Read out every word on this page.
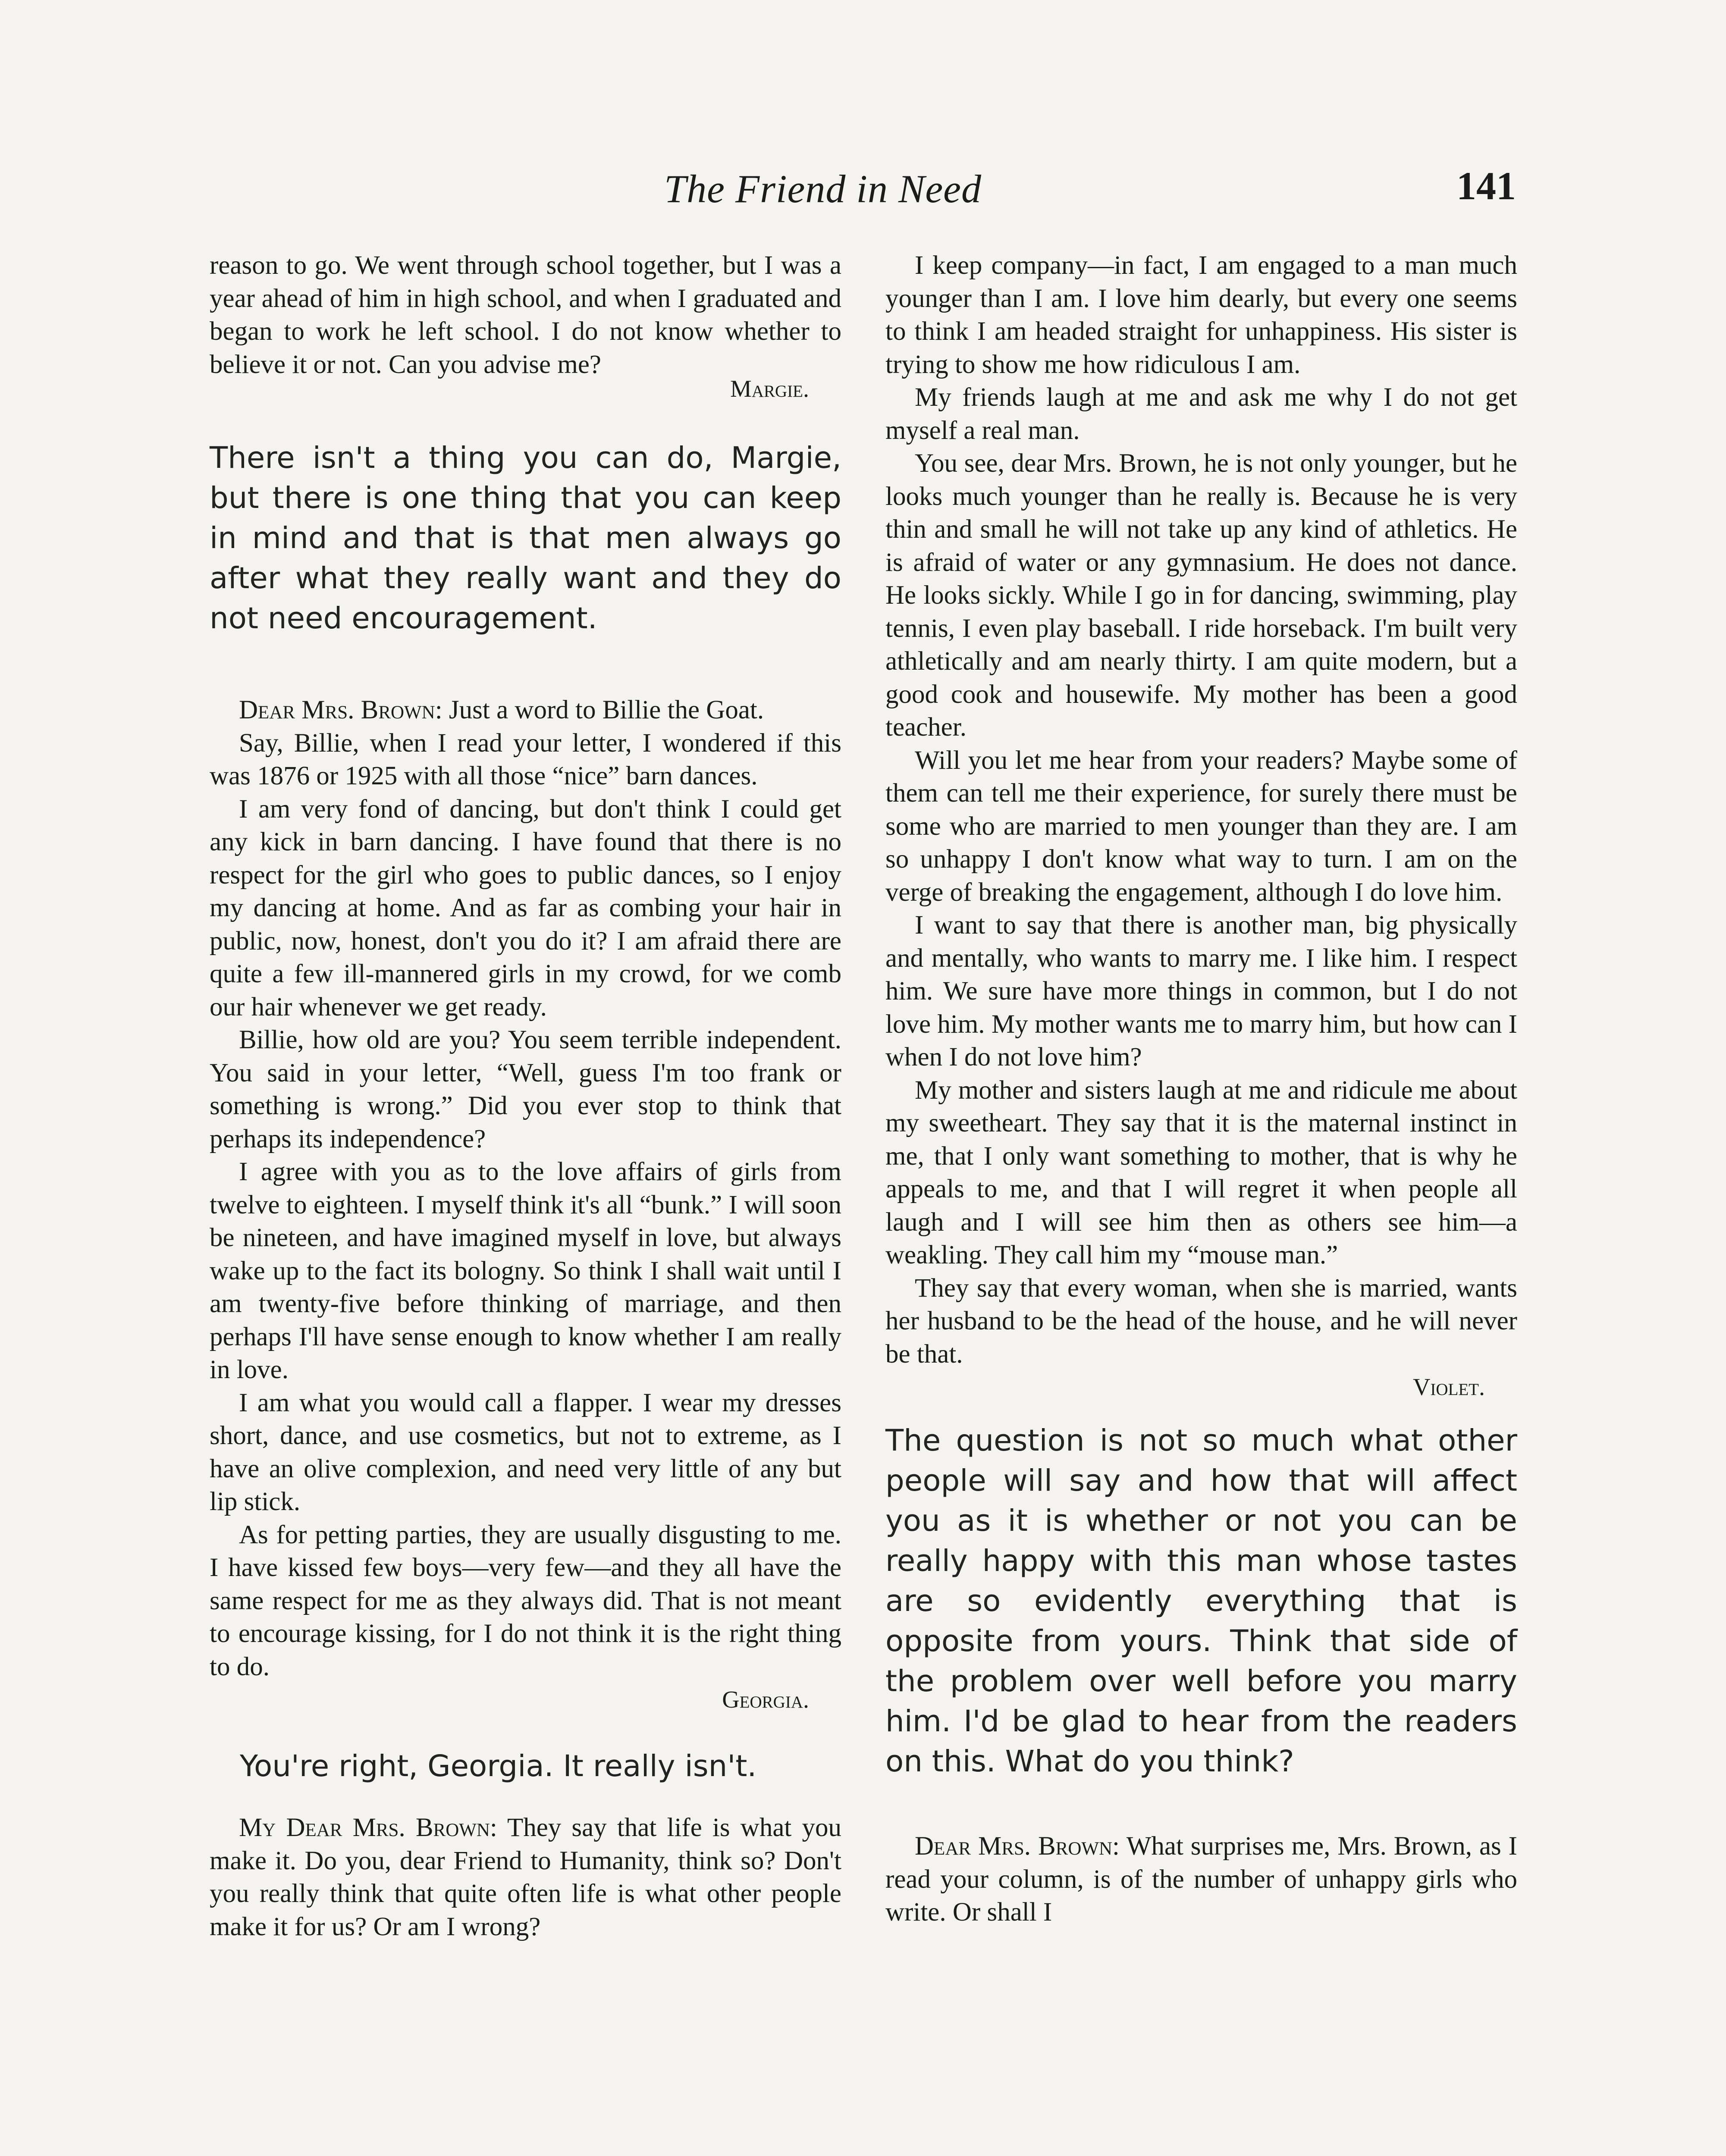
The Friend in Need	141

reason to go. We went through school together, but I was a year ahead of him in high school, and when I graduated and began to work he left school. I do not know whether to believe it or not. Can you advise me?

Margie.

There isn't a thing you can do, Margie, but there is one thing that you can keep in mind and that is that men always go after what they really want and they do not need encouragement.

Dear Mrs. Brown: Just a word to Billie the Goat.

Say, Billie, when I read your letter, I wondered if this was 1876 or 1925 with all those “nice” barn dances.

I am very fond of dancing, but don't think I could get any kick in barn dancing. I have found that there is no respect for the girl who goes to public dances, so I enjoy my dancing at home. And as far as combing your hair in public, now, honest, don't you do it? I am afraid there are quite a few ill-mannered girls in my crowd, for we comb our hair whenever we get ready.

Billie, how old are you? You seem terrible independent. You said in your letter, “Well, guess I'm too frank or something is wrong.” Did you ever stop to think that perhaps its independence?

I agree with you as to the love affairs of girls from twelve to eighteen. I myself think it's all “bunk.” I will soon be nineteen, and have imagined myself in love, but always wake up to the fact its bologny. So think I shall wait until I am twenty-five before thinking of marriage, and then perhaps I'll have sense enough to know whether I am really in love.

I am what you would call a flapper. I wear my dresses short, dance, and use cosmetics, but not to extreme, as I have an olive complexion, and need very little of any but lip stick.

As for petting parties, they are usually disgusting to me. I have kissed few boys—very few—and they all have the same respect for me as they always did. That is not meant to encourage kissing, for I do not think it is the right thing to do.

Georgia.

You're right, Georgia. It really isn't.

My Dear Mrs. Brown: They say that life is what you make it. Do you, dear Friend to Humanity, think so? Don't you really think that quite often life is what other people make it for us? Or am I wrong?

I keep company—in fact, I am engaged to a man much younger than I am. I love him dearly, but every one seems to think I am headed straight for unhappiness. His sister is trying to show me how ridiculous I am.

My friends laugh at me and ask me why I do not get myself a real man.

You see, dear Mrs. Brown, he is not only younger, but he looks much younger than he really is. Because he is very thin and small he will not take up any kind of athletics. He is afraid of water or any gymnasium. He does not dance. He looks sickly. While I go in for dancing, swimming, play tennis, I even play baseball. I ride horseback. I'm built very athletically and am nearly thirty. I am quite modern, but a good cook and housewife. My mother has been a good teacher.

Will you let me hear from your readers? Maybe some of them can tell me their experience, for surely there must be some who are married to men younger than they are. I am so unhappy I don't know what way to turn. I am on the verge of breaking the engagement, although I do love him.

I want to say that there is another man, big physically and mentally, who wants to marry me. I like him. I respect him. We sure have more things in common, but I do not love him. My mother wants me to marry him, but how can I when I do not love him?

My mother and sisters laugh at me and ridicule me about my sweetheart. They say that it is the maternal instinct in me, that I only want something to mother, that is why he appeals to me, and that I will regret it when people all laugh and I will see him then as others see him—a weakling. They call him my “mouse man.”

They say that every woman, when she is married, wants her husband to be the head of the house, and he will never be that.

Violet.

The question is not so much what other people will say and how that will affect you as it is whether or not you can be really happy with this man whose tastes are so evidently everything that is opposite from yours. Think that side of the problem over well before you marry him. I'd be glad to hear from the readers on this. What do you think?

Dear Mrs. Brown: What surprises me, Mrs. Brown, as I read your column, is of the number of unhappy girls who write. Or shall I
